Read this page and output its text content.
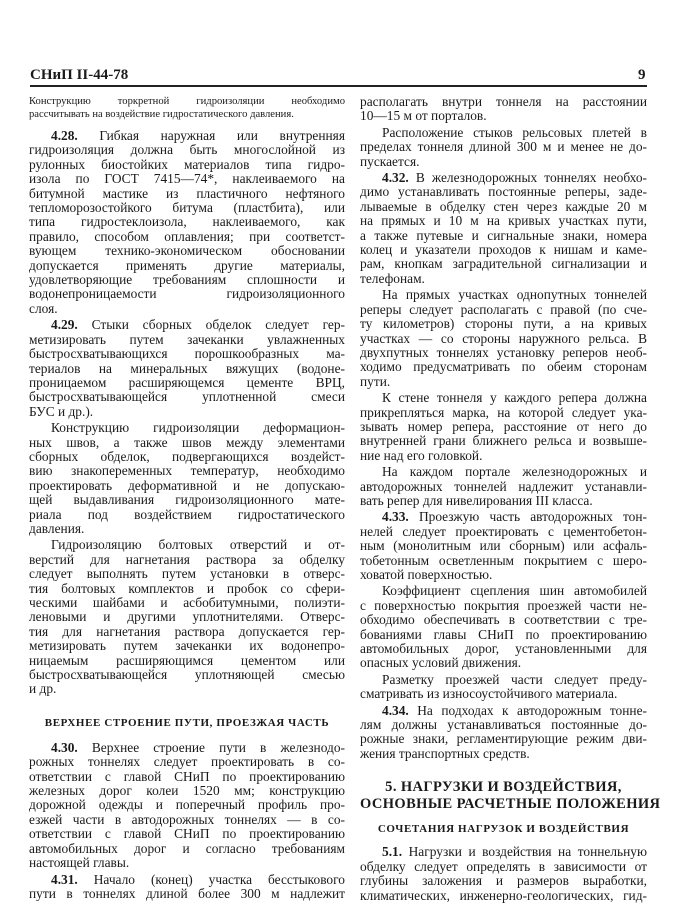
СНиП II-44-78	9
Конструкцию торкретной гидроизоляции необходимо
рассчитывать на воздействие гидростатического давления.
4.28. Гибкая наружная или внутренняя
гидроизоляция должна быть многослойной из
рулонных биостойких материалов типа гидро-
изола по ГОСТ 7415—74*, наклеиваемого на
битумной мастике из пластичного нефтяного
тепломорозостойкого битума (пластбита), или
типа гидростеклоизола, наклеиваемого, как
правило, способом оплавления; при соответст-
вующем технико-экономическом обосновании
допускается применять другие материалы,
удовлетворяющие требованиям сплошности и
водонепроницаемости гидроизоляционного
слоя.
4.29. Стыки сборных обделок следует гер-
метизировать путем зачеканки увлажненных
быстросхватывающихся порошкообразных ма-
териалов на минеральных вяжущих (водоне-
проницаемом расширяющемся цементе ВРЦ,
быстросхватывающейся уплотненной смеси
БУС и др.).
Конструкцию гидроизоляции деформацион-
ных швов, а также швов между элементами
сборных обделок, подвергающихся воздейст-
вию знакопеременных температур, необходимо
проектировать деформативной и не допускаю-
щей выдавливания гидроизоляционного мате-
риала под воздействием гидростатического
давления.
Гидроизоляцию болтовых отверстий и от-
верстий для нагнетания раствора за обделку
следует выполнять путем установки в отверс-
тия болтовых комплектов и пробок со сфери-
ческими шайбами и асбобитумными, полиэти-
леновыми и другими уплотнителями. Отверс-
тия для нагнетания раствора допускается гер-
метизировать путем зачеканки их водонепро-
ницаемым расширяющимся цементом или
быстросхватывающейся уплотняющей смесью
и др.
ВЕРХНЕЕ СТРОЕНИЕ ПУТИ, ПРОЕЗЖАЯ ЧАСТЬ
4.30. Верхнее строение пути в железнодо-
рожных тоннелях следует проектировать в со-
ответствии с главой СНиП по проектированию
железных дорог колеи 1520 мм; конструкцию
дорожной одежды и поперечный профиль про-
езжей части в автодорожных тоннелях — в со-
ответствии с главой СНиП по проектированию
автомобильных дорог и согласно требованиям
настоящей главы.
4.31. Начало (конец) участка бесстыкового
пути в тоннелях длиной более 300 м надлежит
располагать внутри тоннеля на расстоянии
10—15 м от порталов.
Расположение стыков рельсовых плетей в
пределах тоннеля длиной 300 м и менее не до-
пускается.
4.32. В железнодорожных тоннелях необхо-
димо устанавливать постоянные реперы, заде-
лываемые в обделку стен через каждые 20 м
на прямых и 10 м на кривых участках пути,
а также путевые и сигнальные знаки, номера
колец и указатели проходов к нишам и каме-
рам, кнопкам заградительной сигнализации и
телефонам.
На прямых участках однопутных тоннелей
реперы следует располагать с правой (по сче-
ту километров) стороны пути, а на кривых
участках — со стороны наружного рельса. В
двухпутных тоннелях установку реперов необ-
ходимо предусматривать по обеим сторонам
пути.
К стене тоннеля у каждого репера должна
прикрепляться марка, на которой следует ука-
зывать номер репера, расстояние от него до
внутренней грани ближнего рельса и возвыше-
ние над его головкой.
На каждом портале железнодорожных и
автодорожных тоннелей надлежит устанавли-
вать репер для нивелирования III класса.
4.33. Проезжую часть автодорожных тон-
нелей следует проектировать с цементобетон-
ным (монолитным или сборным) или асфаль-
тобетонным осветленным покрытием с шеро-
ховатой поверхностью.
Коэффициент сцепления шин автомобилей
с поверхностью покрытия проезжей части не-
обходимо обеспечивать в соответствии с тре-
бованиями главы СНиП по проектированию
автомобильных дорог, установленными для
опасных условий движения.
Разметку проезжей части следует преду-
сматривать из износоустойчивого материала.
4.34. На подходах к автодорожным тонне-
лям должны устанавливаться постоянные до-
рожные знаки, регламентирующие режим дви-
жения транспортных средств.
5. НАГРУЗКИ И ВОЗДЕЙСТВИЯ,
ОСНОВНЫЕ РАСЧЕТНЫЕ ПОЛОЖЕНИЯ
СОЧЕТАНИЯ НАГРУЗОК И ВОЗДЕЙСТВИЯ
5.1. Нагрузки и воздействия на тоннельную
обделку следует определять в зависимости от
глубины заложения и размеров выработки,
климатических, инженерно-геологических, гид-
